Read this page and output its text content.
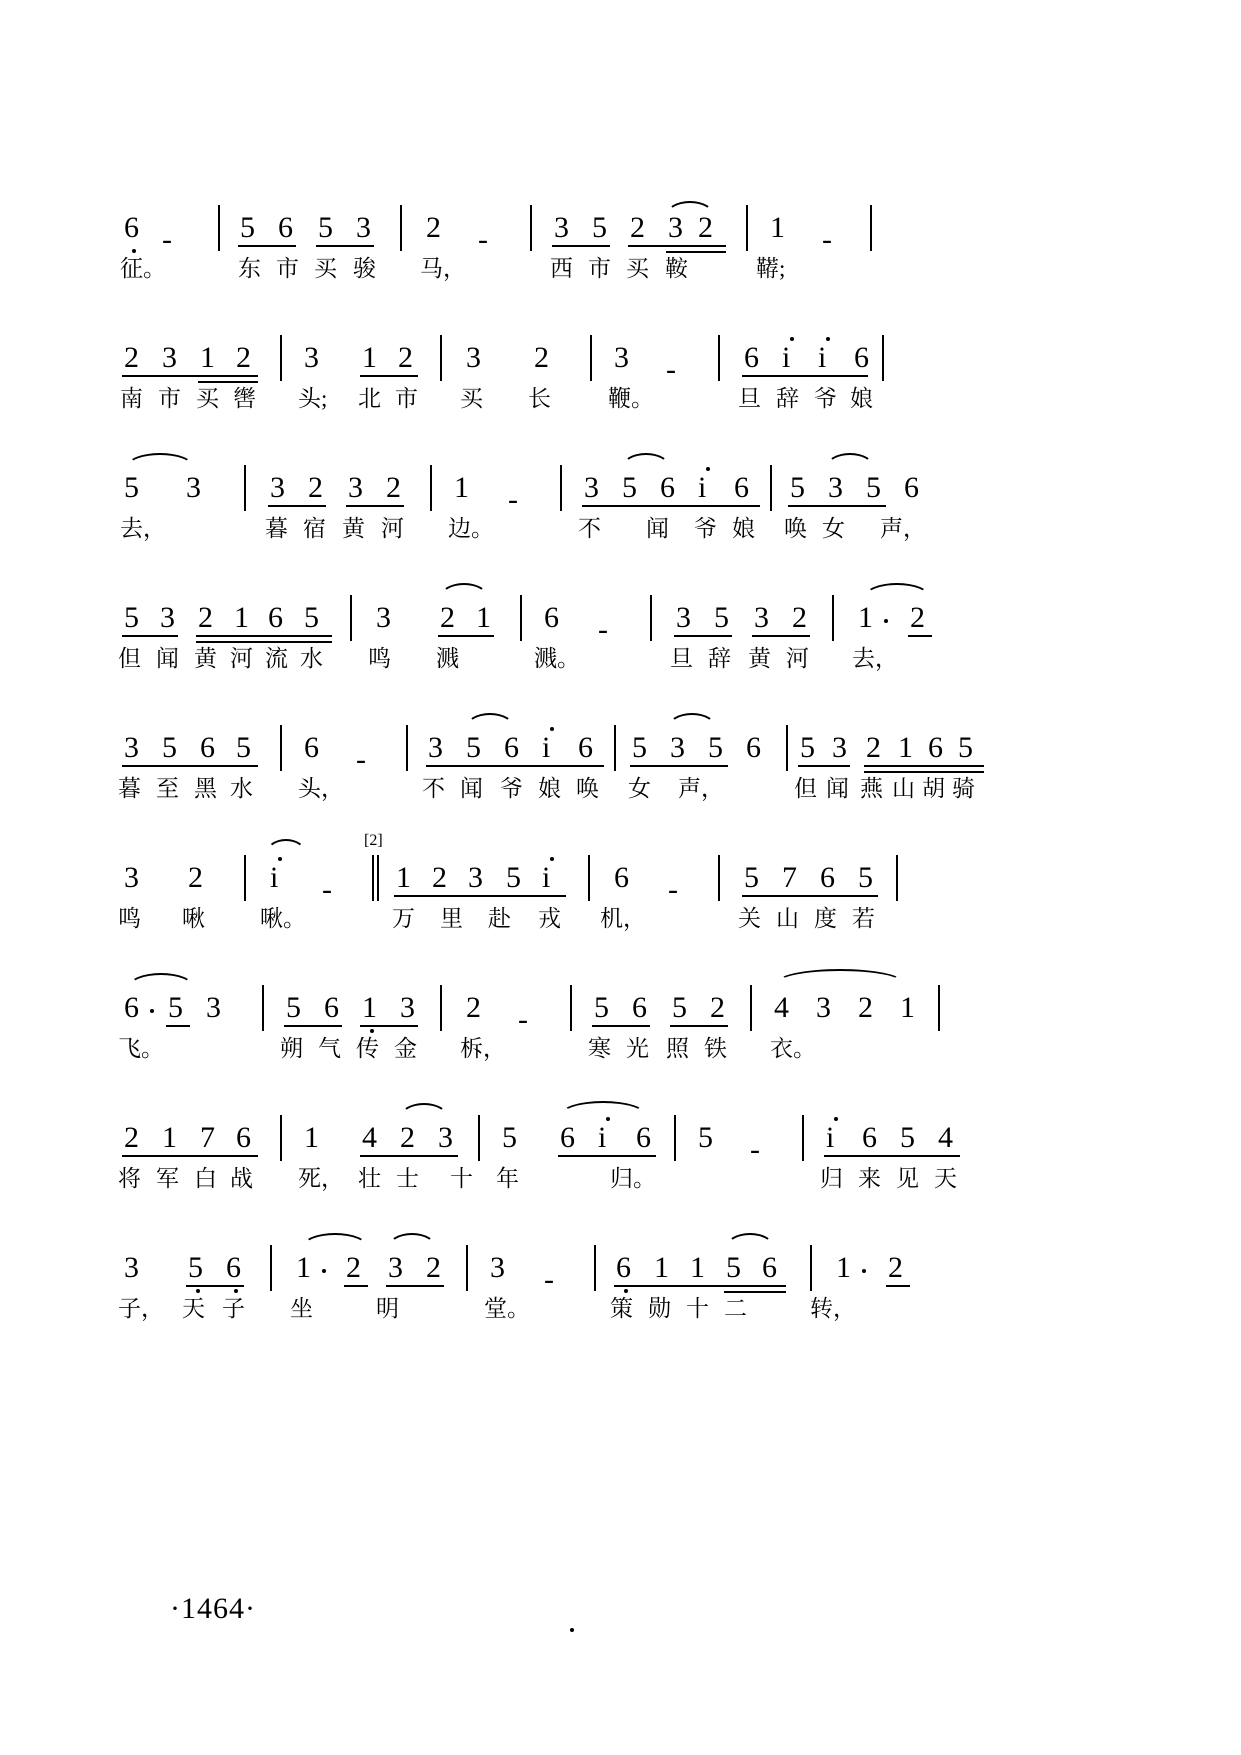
6 - 5 6 5 3 2 - 3 5 2 3 2 1 -
征。	东 市 买 骏 马，	西 市 买 鞍	鞯;
2 3 1 2 3 1 2 3 2 3 - 6 i i 6
南 市 买 辔 头; 北 市 买 长 鞭。	旦 辞 爷 娘
5 3 3 2 3 2 1 - 3 5 6 i 6 5 3 5 6
去，	暮 宿 黄 河 边。	不 闻 爷 娘 唤 女 声，
5 3 2 1 6 5 3 2 1 6 - 3 5 3 2 1 2
但 闻 黄 河 流 水 鸣 溅	溅。	旦 辞 黄 河 去，
3 5 6 5 6 - 3 5 6 i 6 5 3 5 6 5 3 2 1 6 5
暮 至 黑 水 头，	不 闻 爷 娘 唤 女 声，	但 闻 燕 山 胡 骑
3 2 i -
[2]
1 2 3 5 i 6 - 5 7 6 5
鸣 啾 啾。	万 里 赴 戎 机，	关 山 度 若
6 5 3 5 6 1 3 2 - 5 6 5 2 4 3 2 1
飞。	朔 气 传 金 柝，	寒 光 照 铁 衣。
2 1 7 6 1 4 2 3 5 6 i 6 5 - i 6 5 4
将 军 白 战 死， 壮 士 十 年	归。	归 来 见 天
3 5 6 1 2 3 2 3 - 6 1 1 5 6 1 2
子， 天 子 坐	明	堂。	策 勋 十 二	转，
·1464·
